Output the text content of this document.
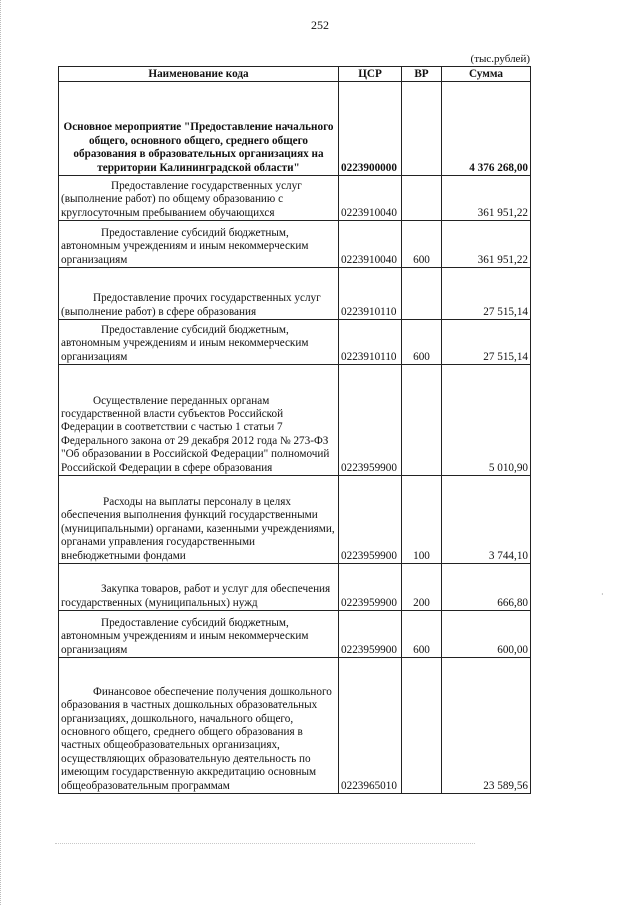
252
(тыс.рублей)
Наименование кода	ЦСР	ВР	Сумма
Основное мероприятие "Предоставление начального общего, основного общего, среднего общего образования в образовательных организациях на территории Калининградской области"	0223900000		4 376 268,00
Предоставление государственных услуг (выполнение работ) по общему образованию с круглосуточным пребыванием обучающихся	0223910040		361 951,22
Предоставление субсидий бюджетным, автономным учреждениям и иным некоммерческим организациям	0223910040	600	361 951,22
Предоставление прочих государственных услуг (выполнение работ) в сфере образования	0223910110		27 515,14
Предоставление субсидий бюджетным, автономным учреждениям и иным некоммерческим организациям	0223910110	600	27 515,14
Осуществление переданных органам государственной власти субъектов Российской Федерации в соответствии с частью 1 статьи 7 Федерального закона от 29 декабря 2012 года № 273-ФЗ "Об образовании в Российской Федерации" полномочий Российской Федерации в сфере образования	0223959900		5 010,90
Расходы на выплаты персоналу в целях обеспечения выполнения функций государственными (муниципальными) органами, казенными учреждениями, органами управления государственными внебюджетными фондами	0223959900	100	3 744,10
Закупка товаров, работ и услуг для обеспечения государственных (муниципальных) нужд	0223959900	200	666,80
Предоставление субсидий бюджетным, автономным учреждениям и иным некоммерческим организациям	0223959900	600	600,00
Финансовое обеспечение получения дошкольного образования в частных дошкольных образовательных организациях, дошкольного, начального общего, основного общего, среднего общего образования в частных общеобразовательных организациях, осуществляющих образовательную деятельность по имеющим государственную аккредитацию основным общеобразовательным программам	0223965010		23 589,56
·
